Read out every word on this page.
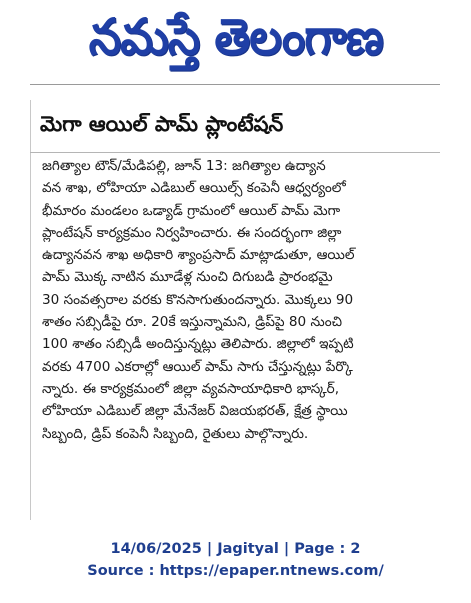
నమస్తే తెలంగాణ
మెగా ఆయిల్ పామ్ ప్లాంటేషన్
జగిత్యాల టౌన్/మేడిపల్లి, జూన్ 13: జగిత్యాల ఉద్యాన
వన శాఖ, లోహియా ఎడిబుల్ ఆయిల్స్ కంపెనీ ఆధ్వర్యంలో
భీమారం మండలం ఒడ్యాడ్ గ్రామంలో ఆయిల్ పామ్ మెగా
ప్లాంటేషన్ కార్యక్రమం నిర్వహించారు. ఈ సందర్భంగా జిల్లా
ఉద్యానవన శాఖ అధికారి శ్యాంప్రసాద్ మాట్లాడుతూ, ఆయిల్
పామ్ మొక్క నాటిన మూడేళ్ల నుంచి దిగుబడి ప్రారంభమై
30 సంవత్సరాల వరకు కొనసాగుతుందన్నారు. మొక్కలు 90
శాతం సబ్సిడీపై రూ. 20కే ఇస్తున్నామని, డ్రిప్‌పై 80 నుంచి
100 శాతం సబ్సిడీ అందిస్తున్నట్లు తెలిపారు. జిల్లాలో ఇప్పటి
వరకు 4700 ఎకరాల్లో ఆయిల్ పామ్ సాగు చేస్తున్నట్లు పేర్కొ
న్నారు. ఈ కార్యక్రమంలో జిల్లా వ్యవసాయాధికారి భాస్కర్,
లోహియా ఎడిబుల్ జిల్లా మేనేజర్ విజయభరత్, క్షేత్ర స్థాయి
సిబ్బంది, డ్రిప్ కంపెనీ సిబ్బంది, రైతులు పాల్గొన్నారు.
14/06/2025 | Jagityal | Page : 2
Source : https://epaper.ntnews.com/
